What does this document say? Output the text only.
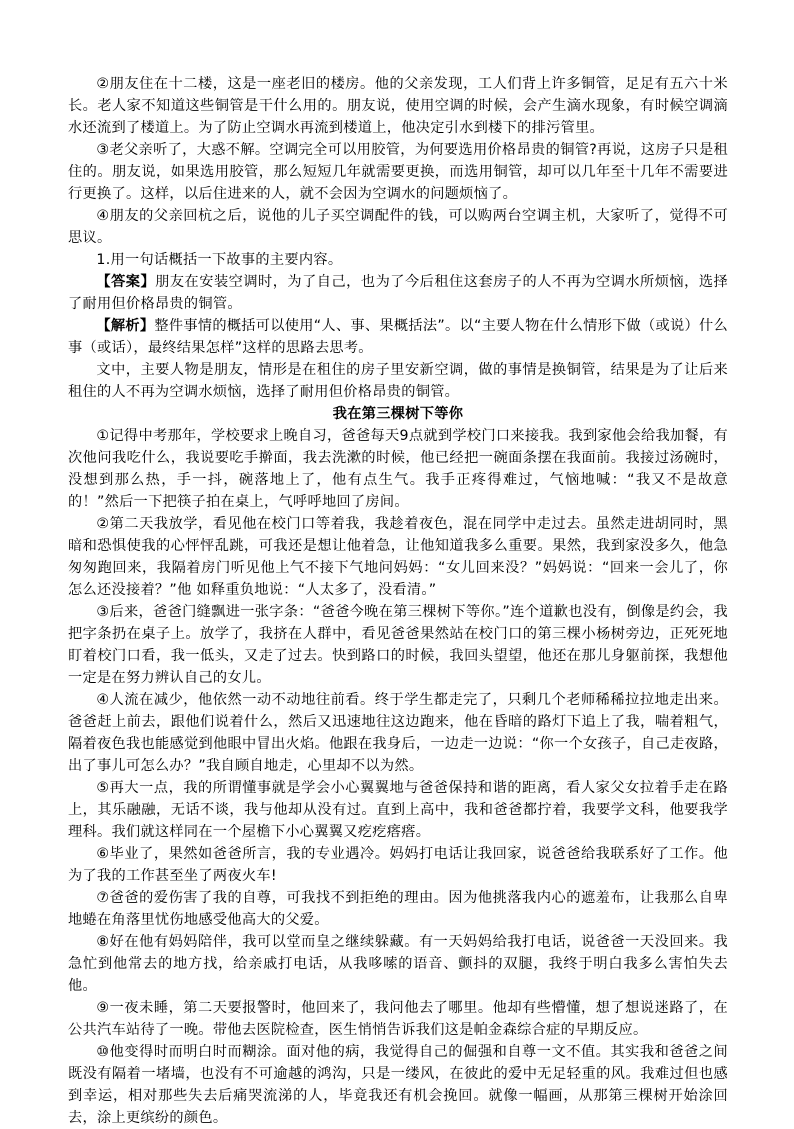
②朋友住在十二楼，这是一座老旧的楼房。他的父亲发现，工人们背上许多铜管，足足有五六十米长。老人家不知道这些铜管是干什么用的。朋友说，使用空调的时候，会产生滴水现象，有时候空调滴水还流到了楼道上。为了防止空调水再流到楼道上，他决定引水到楼下的排污管里。

③老父亲听了，大惑不解。空调完全可以用胶管，为何要选用价格昂贵的铜管?再说，这房子只是租住的。朋友说，如果选用胶管，那么短短几年就需要更换，而选用铜管，却可以几年至十几年不需要进行更换了。这样，以后住进来的人，就不会因为空调水的问题烦恼了。

④朋友的父亲回杭之后，说他的儿子买空调配件的钱，可以购两台空调主机，大家听了，觉得不可思议。

1.用一句话概括一下故事的主要内容。

【答案】朋友在安装空调时，为了自己，也为了今后租住这套房子的人不再为空调水所烦恼，选择了耐用但价格昂贵的铜管。

【解析】整件事情的概括可以使用“人、事、果概括法”。以“主要人物在什么情形下做（或说）什么事（或话），最终结果怎样”这样的思路去思考。

文中，主要人物是朋友，情形是在租住的房子里安新空调，做的事情是换铜管，结果是为了让后来租住的人不再为空调水烦恼，选择了耐用但价格昂贵的铜管。

我在第三棵树下等你

①记得中考那年，学校要求上晚自习，爸爸每天9点就到学校门口来接我。我到家他会给我加餐，有次他问我吃什么，我说要吃手擀面，我去洗漱的时候，他已经把一碗面条摆在我面前。我接过汤碗时，没想到那么热，手一抖，碗落地上了，他有点生气。我手正疼得难过，气恼地喊：“我又不是故意的！”然后一下把筷子拍在桌上，气呼呼地回了房间。

②第二天我放学，看见他在校门口等着我，我趁着夜色，混在同学中走过去。虽然走进胡同时，黑暗和恐惧使我的心怦怦乱跳，可我还是想让他着急，让他知道我多么重要。果然，我到家没多久，他急匆匆跑回来，我隔着房门听见他上气不接下气地问妈妈：“女儿回来没？”妈妈说：“回来一会儿了，你怎么还没接着？”他 如释重负地说：“人太多了，没看清。”

③后来，爸爸门缝飘进一张字条：“爸爸今晚在第三棵树下等你。”连个道歉也没有，倒像是约会，我把字条扔在桌子上。放学了，我挤在人群中，看见爸爸果然站在校门口的第三棵小杨树旁边，正死死地盯着校门口看，我一低头，又走了过去。快到路口的时候，我回头望望，他还在那儿身躯前探，我想他一定是在努力辨认自己的女儿。

④人流在减少，他依然一动不动地往前看。终于学生都走完了，只剩几个老师稀稀拉拉地走出来。爸爸赶上前去，跟他们说着什么，然后又迅速地往这边跑来，他在昏暗的路灯下追上了我，喘着粗气，隔着夜色我也能感觉到他眼中冒出火焰。他跟在我身后，一边走一边说：“你一个女孩子，自己走夜路，出了事儿可怎么办？”我自顾自地走，心里却不以为然。

⑤再大一点，我的所谓懂事就是学会小心翼翼地与爸爸保持和谐的距离，看人家父女拉着手走在路上，其乐融融，无话不谈，我与他却从没有过。直到上高中，我和爸爸都拧着，我要学文科，他要我学理科。我们就这样同在一个屋檐下小心翼翼又疙疙瘩瘩。

⑥毕业了，果然如爸爸所言，我的专业遇冷。妈妈打电话让我回家，说爸爸给我联系好了工作。他为了我的工作甚至坐了两夜火车!

⑦爸爸的爱伤害了我的自尊，可我找不到拒绝的理由。因为他挑落我内心的遮羞布，让我那么自卑地蜷在角落里忧伤地感受他高大的父爱。

⑧好在他有妈妈陪伴，我可以堂而皇之继续躲藏。有一天妈妈给我打电话，说爸爸一天没回来。我急忙到他常去的地方找，给亲戚打电话，从我哆嗦的语音、颤抖的双腿，我终于明白我多么害怕失去他。

⑨一夜未睡，第二天要报警时，他回来了，我问他去了哪里。他却有些懵懂，想了想说迷路了，在公共汽车站待了一晚。带他去医院检查，医生悄悄告诉我们这是帕金森综合症的早期反应。

⑩他变得时而明白时而糊涂。面对他的病，我觉得自己的倔强和自尊一文不值。其实我和爸爸之间既没有隔着一堵墙，也没有不可逾越的鸿沟，只是一缕风，在彼此的爱中无足轻重的风。我难过但也感到幸运，相对那些失去后痛哭流涕的人，毕竟我还有机会挽回。就像一幅画，从那第三棵树开始涂回去，涂上更缤纷的颜色。
